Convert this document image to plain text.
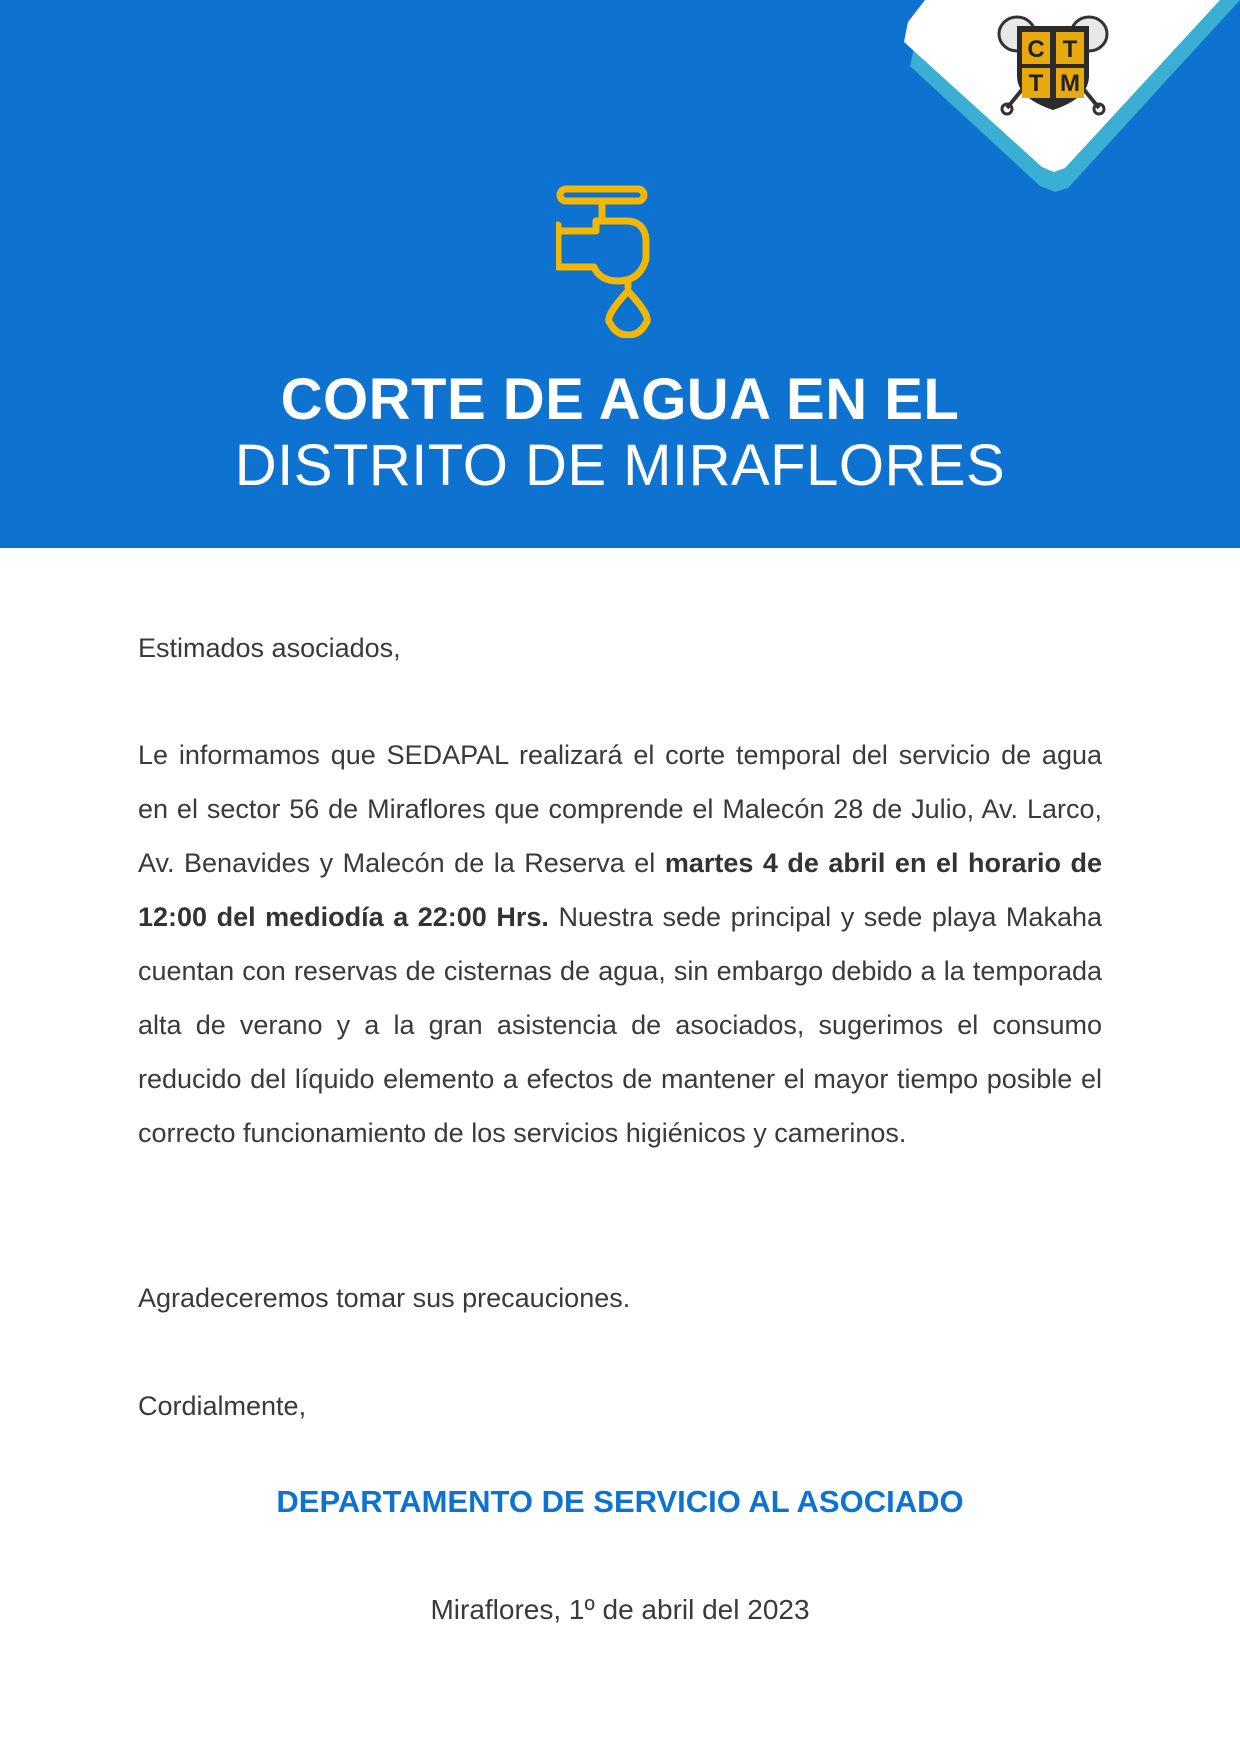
C T
T M
CORTE DE AGUA EN EL
DISTRITO DE MIRAFLORES
Estimados asociados,
Le informamos que SEDAPAL realizará el corte temporal del servicio de agua en el sector 56 de Miraflores que comprende el Malecón 28 de Julio, Av. Larco, Av. Benavides y Malecón de la Reserva el martes 4 de abril en el horario de 12:00 del mediodía a 22:00 Hrs. Nuestra sede principal y sede playa Makaha cuentan con reservas de cisternas de agua, sin embargo debido a la temporada alta de verano y a la gran asistencia de asociados, sugerimos el consumo reducido del líquido elemento a efectos de mantener el mayor tiempo posible el correcto funcionamiento de los servicios higiénicos y camerinos.
Agradeceremos tomar sus precauciones.
Cordialmente,
DEPARTAMENTO DE SERVICIO AL ASOCIADO
Miraflores, 1º de abril del 2023
